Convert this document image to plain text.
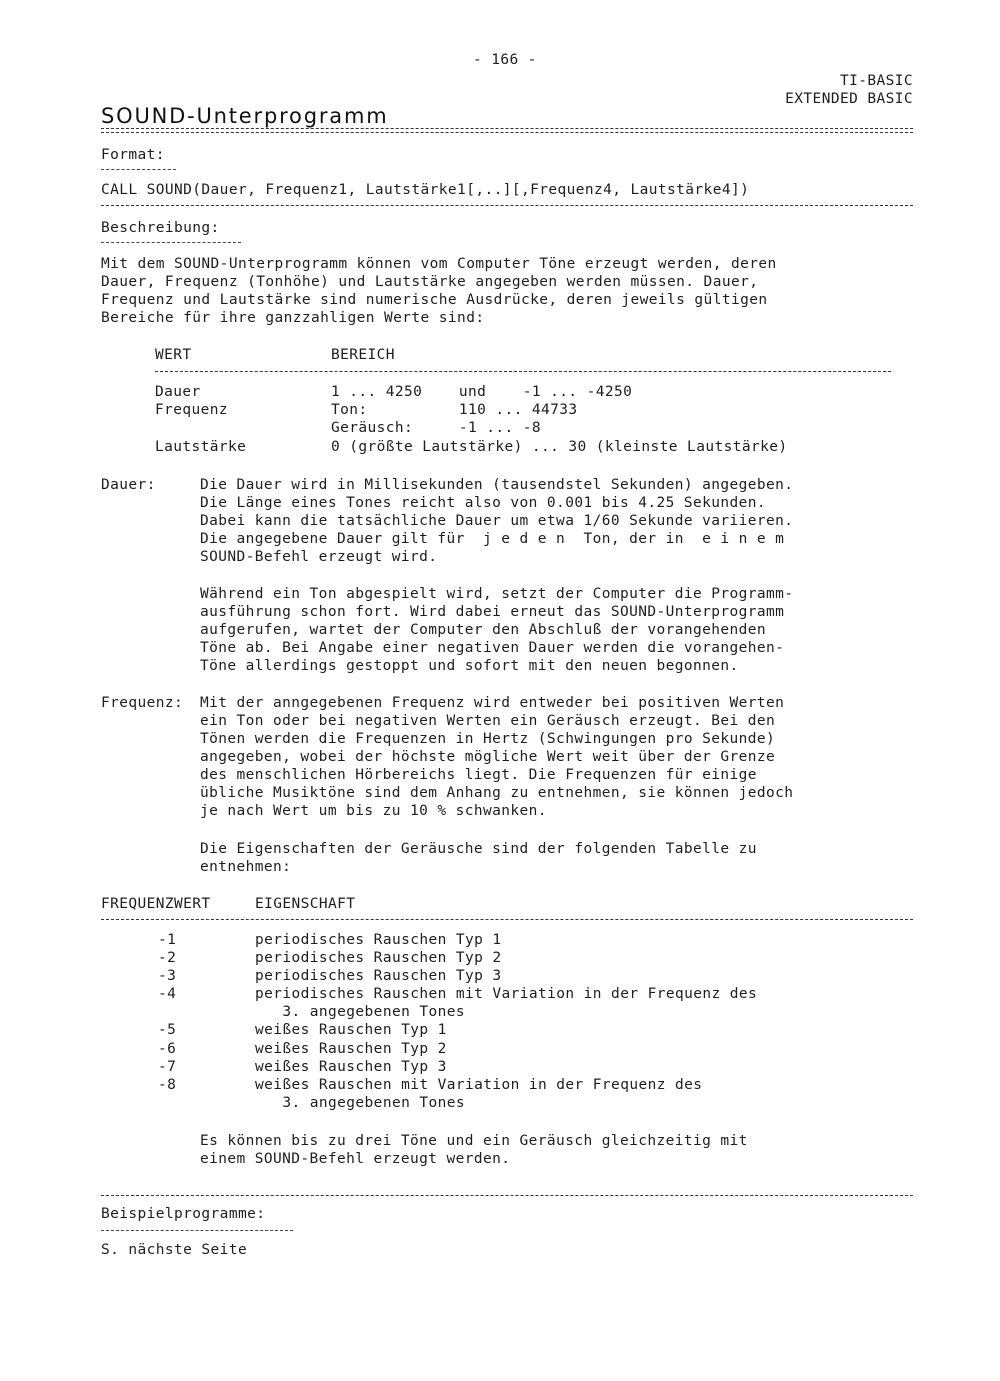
- 166 -
TI-BASIC
EXTENDED BASIC
SOUND-Unterprogramm
Format:
CALL SOUND(Dauer, Frequenz1, Lautstärke1[,..][,Frequenz4, Lautstärke4])
Beschreibung:
Mit dem SOUND-Unterprogramm können vom Computer Töne erzeugt werden, deren
Dauer, Frequenz (Tonhöhe) und Lautstärke angegeben werden müssen. Dauer,
Frequenz und Lautstärke sind numerische Ausdrücke, deren jeweils gültigen
Bereiche für ihre ganzzahligen Werte sind:
WERT	BEREICH
Dauer	1 ... 4250    und    -1 ... -4250
Frequenz	Ton:          110 ... 44733
Geräusch:     -1 ... -8
Lautstärke	0 (größte Lautstärke) ... 30 (kleinste Lautstärke)
Dauer:	Die Dauer wird in Millisekunden (tausendstel Sekunden) angegeben.
Die Länge eines Tones reicht also von 0.001 bis 4.25 Sekunden.
Dabei kann die tatsächliche Dauer um etwa 1/60 Sekunde variieren.
Die angegebene Dauer gilt für  j e d e n  Ton, der in  e i n e m
SOUND-Befehl erzeugt wird.
Während ein Ton abgespielt wird, setzt der Computer die Programm-
ausführung schon fort. Wird dabei erneut das SOUND-Unterprogramm
aufgerufen, wartet der Computer den Abschluß der vorangehenden
Töne ab. Bei Angabe einer negativen Dauer werden die vorangehen-
Töne allerdings gestoppt und sofort mit den neuen begonnen.
Frequenz: Mit der anngegebenen Frequenz wird entweder bei positiven Werten
ein Ton oder bei negativen Werten ein Geräusch erzeugt. Bei den
Tönen werden die Frequenzen in Hertz (Schwingungen pro Sekunde)
angegeben, wobei der höchste mögliche Wert weit über der Grenze
des menschlichen Hörbereichs liegt. Die Frequenzen für einige
übliche Musiktöne sind dem Anhang zu entnehmen, sie können jedoch
je nach Wert um bis zu 10 % schwanken.
Die Eigenschaften der Geräusche sind der folgenden Tabelle zu
entnehmen:
FREQUENZWERT	EIGENSCHAFT
-1	periodisches Rauschen Typ 1
-2	periodisches Rauschen Typ 2
-3	periodisches Rauschen Typ 3
-4	periodisches Rauschen mit Variation in der Frequenz des
3. angegebenen Tones
-5	weißes Rauschen Typ 1
-6	weißes Rauschen Typ 2
-7	weißes Rauschen Typ 3
-8	weißes Rauschen mit Variation in der Frequenz des
3. angegebenen Tones
Es können bis zu drei Töne und ein Geräusch gleichzeitig mit
einem SOUND-Befehl erzeugt werden.
Beispielprogramme:
S. nächste Seite
